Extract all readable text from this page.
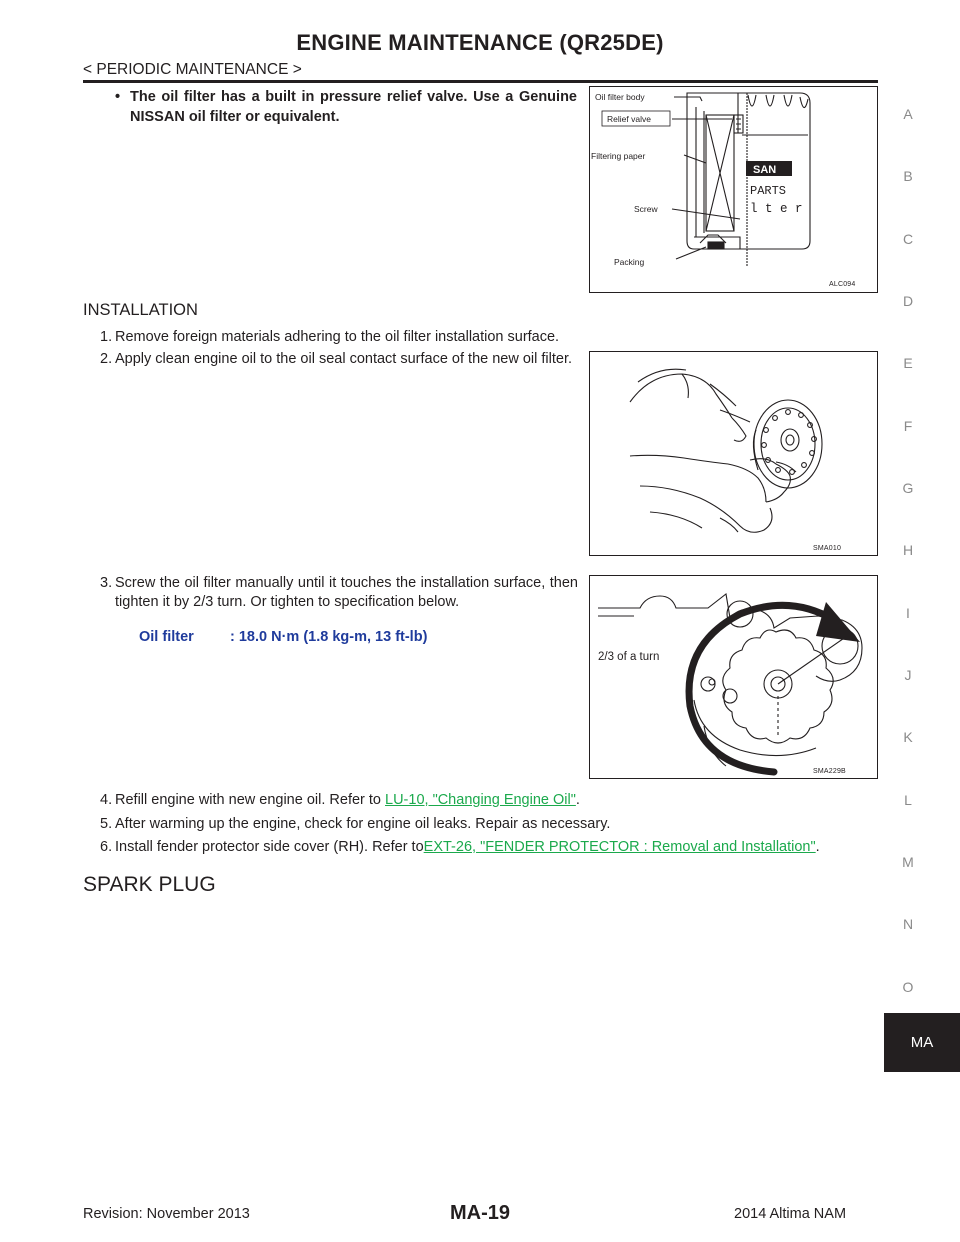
ENGINE MAINTENANCE (QR25DE)
< PERIODIC MAINTENANCE >
A
B
C
D
E
F
G
H
I
J
K
L
M
N
O
MA
• The oil filter has a built in pressure relief valve. Use a Genuine NISSAN oil filter or equivalent.
Oil filter body
Relief valve
Filtering paper
Screw
Packing
SAN
PARTS
l t e r
ALC094
INSTALLATION
1. Remove foreign materials adhering to the oil filter installation surface.
2. Apply clean engine oil to the oil seal contact surface of the new oil filter.
SMA010
3. Screw the oil filter manually until it touches the installation surface, then tighten it by 2/3 turn. Or tighten to specification below.
Oil filter : 18.0 N·m (1.8 kg-m, 13 ft-lb)
2/3 of a turn
SMA229B
4. Refill engine with new engine oil. Refer to LU-10, "Changing Engine Oil".
5. After warming up the engine, check for engine oil leaks. Repair as necessary.
6. Install fender protector side cover (RH). Refer toEXT-26, "FENDER PROTECTOR : Removal and Installation".
SPARK PLUG
Revision: November 2013	MA-19	2014 Altima NAM
